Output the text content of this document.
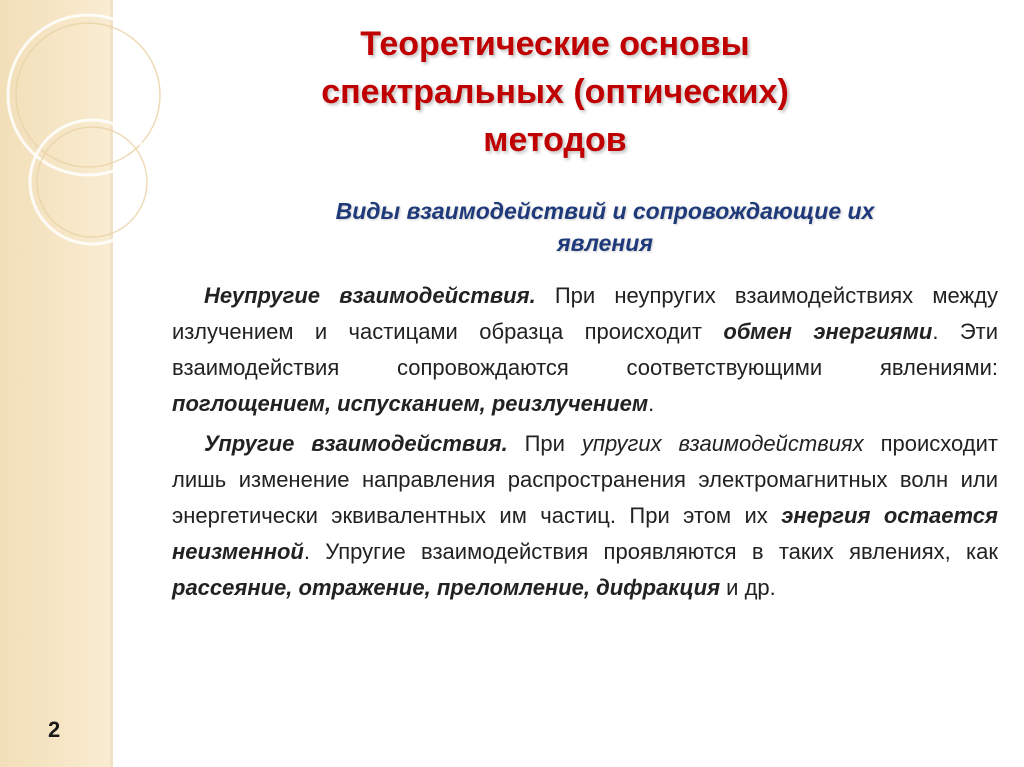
Теоретические основы
спектральных (оптических)
методов
Виды взаимодействий и сопровождающие их
явления

Неупругие взаимодействия. При неупругих взаимодействиях между излучением и частицами образца происходит обмен энергиями. Эти взаимодействия сопровождаются соответствующими явлениями: поглощением, испусканием, реизлучением.

Упругие взаимодействия. При упругих взаимодействиях происходит лишь изменение направления распространения электромагнитных волн или энергетически эквивалентных им частиц. При этом их энергия остается неизменной. Упругие взаимодействия проявляются в таких явлениях, как рассеяние, отражение, преломление, дифракция и др.

2
